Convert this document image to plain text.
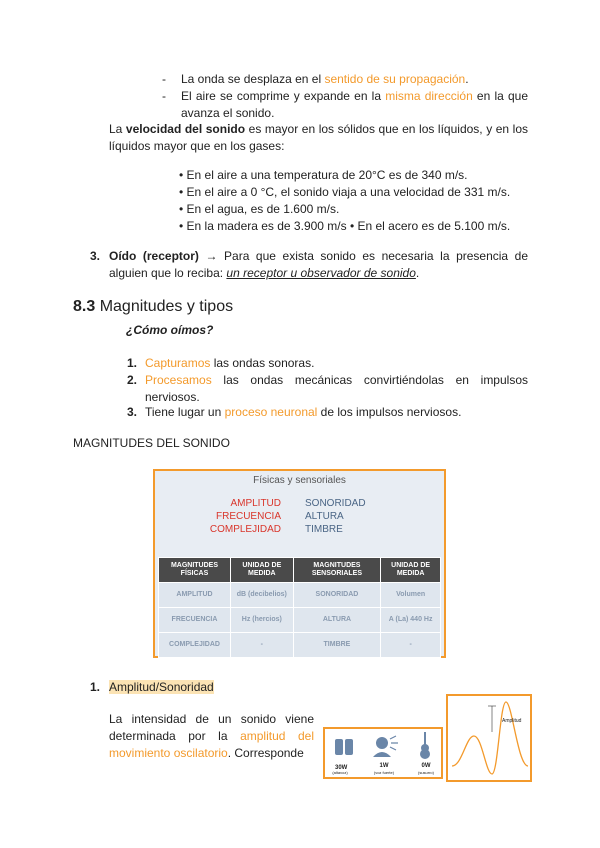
- La onda se desplaza en el sentido de su propagación.
- El aire se comprime y expande en la misma dirección en la que avanza el sonido.
La velocidad del sonido es mayor en los sólidos que en los líquidos, y en los líquidos mayor que en los gases:
• En el aire a una temperatura de 20°C es de 340 m/s.
• En el aire a 0 °C, el sonido viaja a una velocidad de 331 m/s.
• En el agua, es de 1.600 m/s.
• En la madera es de 3.900 m/s • En el acero es de 5.100 m/s.
3. Oído (receptor) → Para que exista sonido es necesaria la presencia de alguien que lo reciba: un receptor u observador de sonido.
8.3 Magnitudes y tipos
¿Cómo oímos?
1. Capturamos las ondas sonoras.
2. Procesamos las ondas mecánicas convirtiéndolas en impulsos nerviosos.
3. Tiene lugar un proceso neuronal de los impulsos nerviosos.
MAGNITUDES DEL SONIDO
Físicas y sensoriales
AMPLITUD
FRECUENCIA
COMPLEJIDAD
SONORIDAD
ALTURA
TIMBRE
MAGNITUDES FÍSICAS	UNIDAD DE MEDIDA	MAGNITUDES SENSORIALES	UNIDAD DE MEDIDA
AMPLITUD	dB (decibelios)	SONORIDAD	Volumen
FRECUENCIA	Hz (hercios)	ALTURA	A (La) 440 Hz
COMPLEJIDAD	-	TIMBRE	-
1. Amplitud/Sonoridad
La intensidad de un sonido viene determinada por la amplitud del movimiento oscilatorio. Corresponde
30W	1W
(voz fuerte)
0W
(susurro)
(altavoz)
Amplitud
